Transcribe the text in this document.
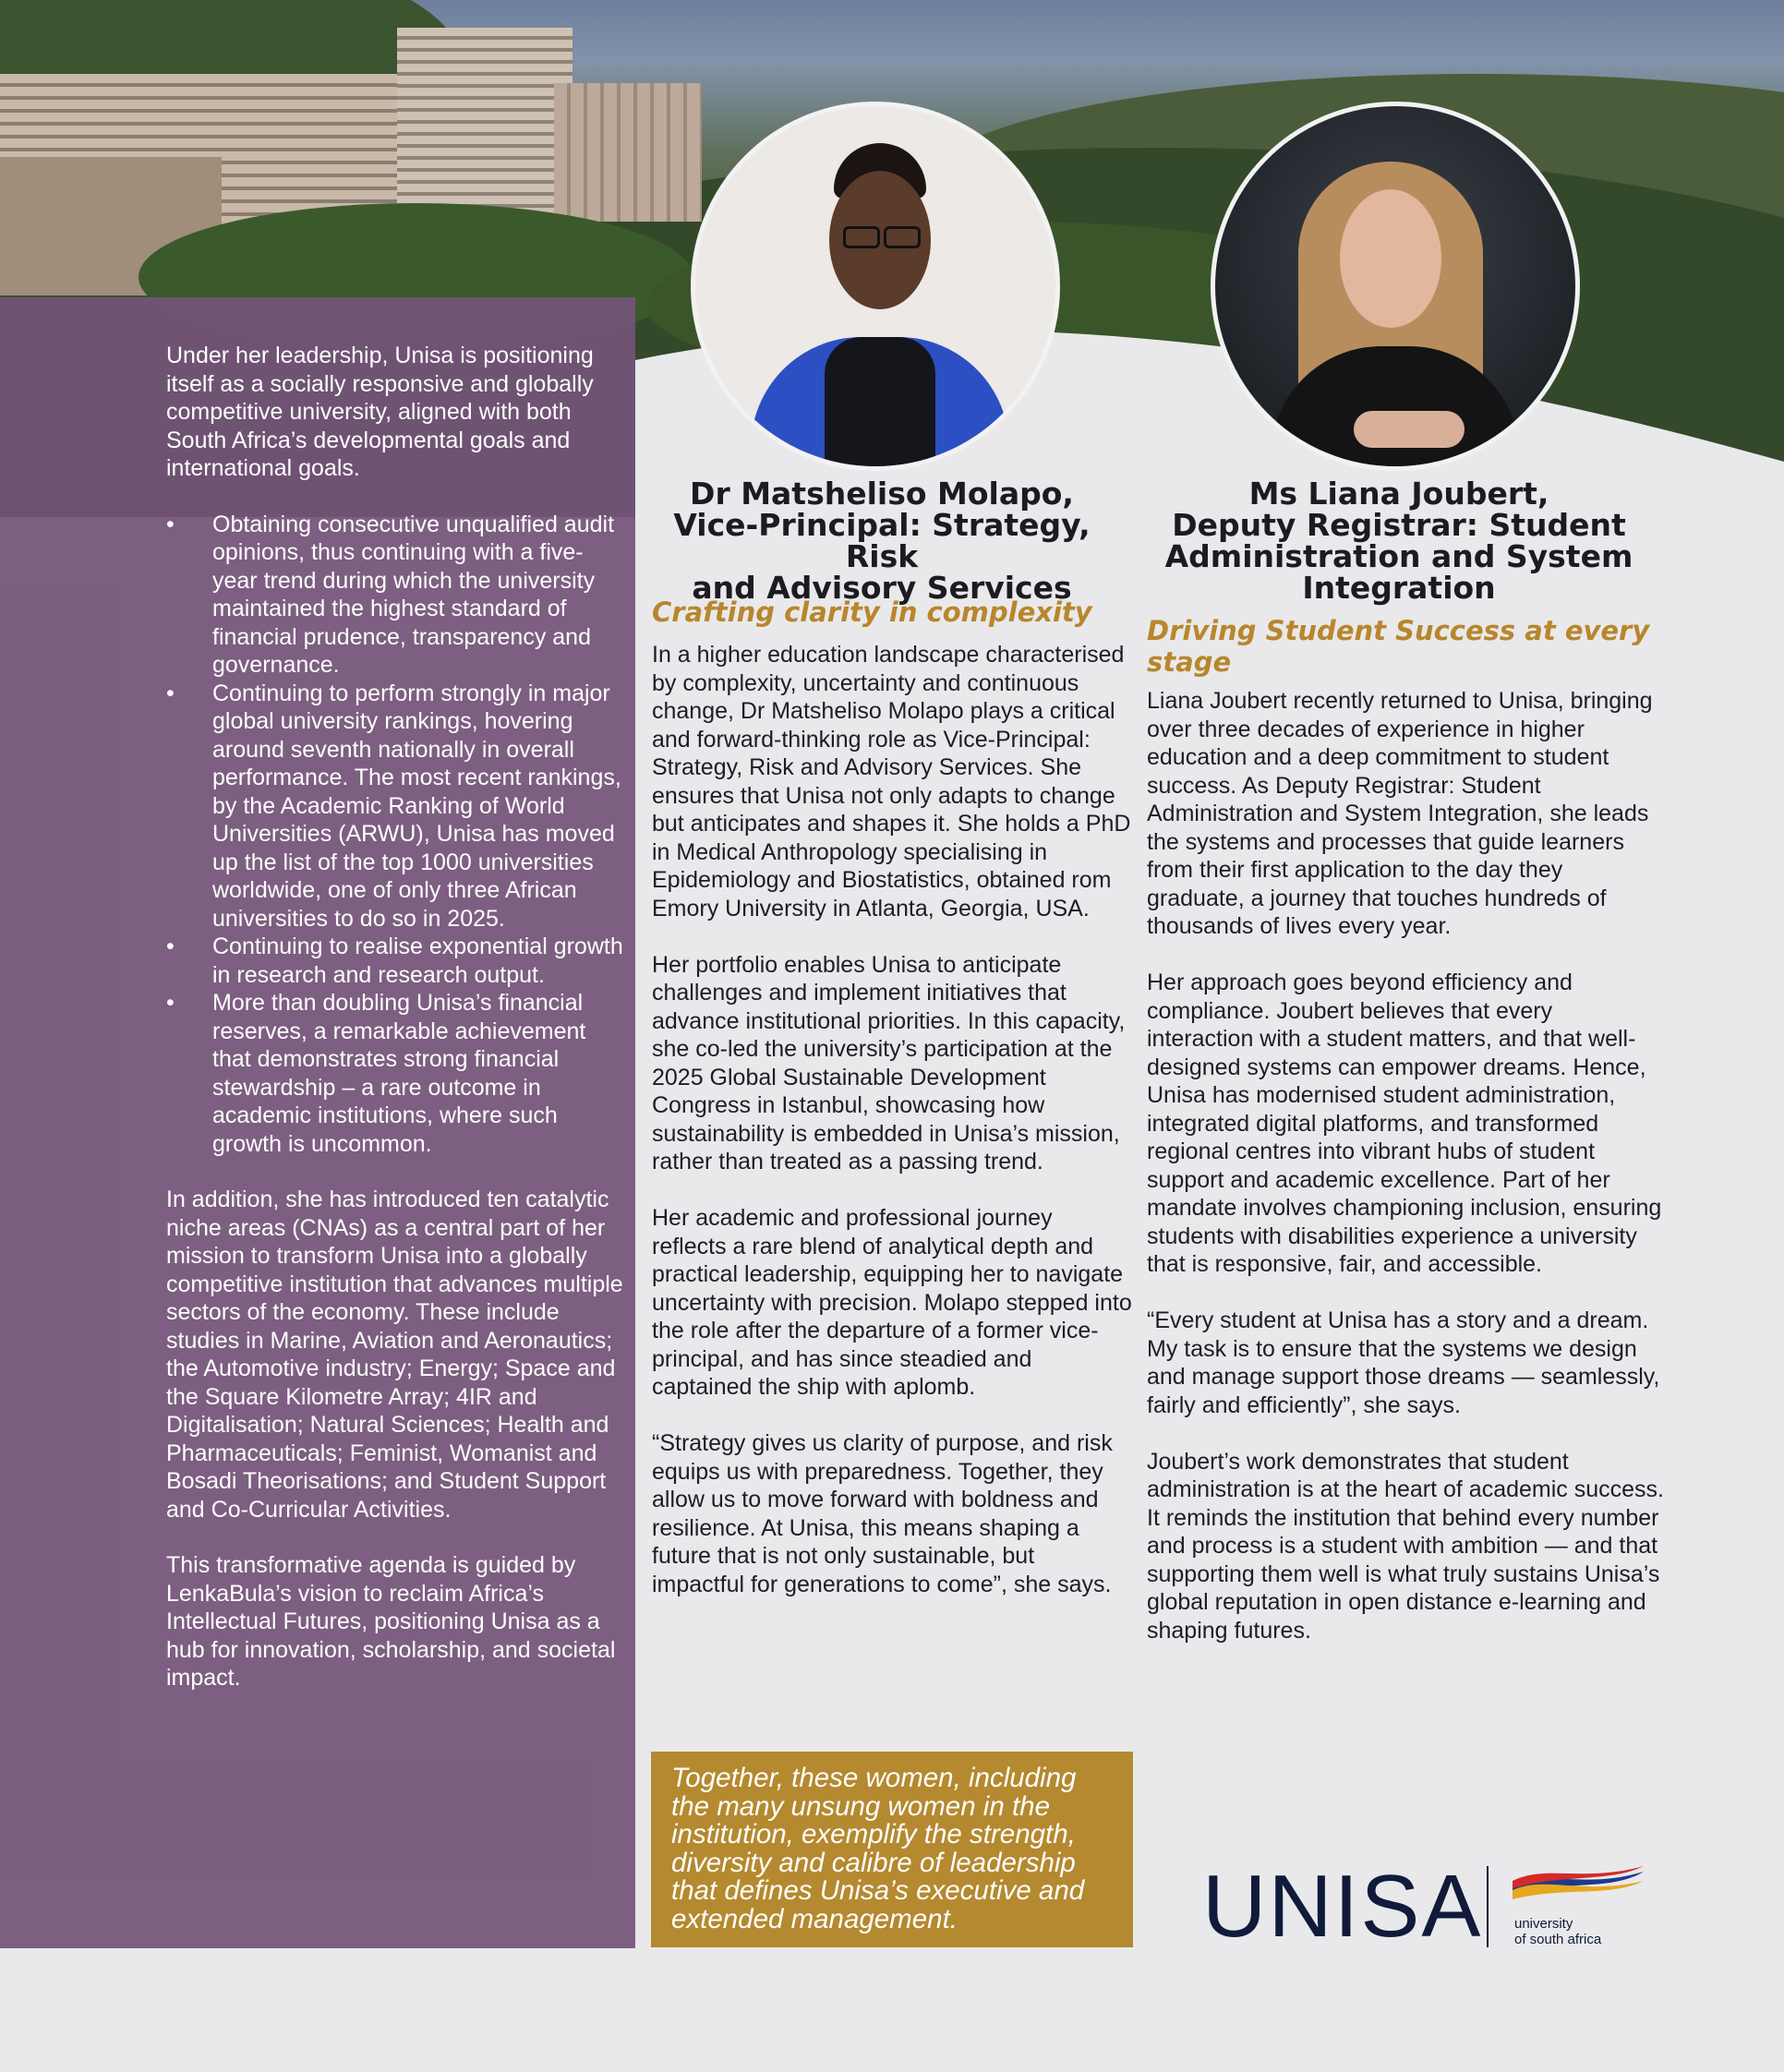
Under her leadership, Unisa is positioning itself as a socially responsive and globally competitive university, aligned with both South Africa’s developmental goals and international goals.

• Obtaining consecutive unqualified audit opinions, thus continuing with a five-year trend during which the university maintained the highest standard of financial prudence, transparency and governance.
• Continuing to perform strongly in major global university rankings, hovering around seventh nationally in overall performance. The most recent rankings, by the Academic Ranking of World Universities (ARWU), Unisa has moved up the list of the top 1000 universities worldwide, one of only three African universities to do so in 2025.
• Continuing to realise exponential growth in research and research output.
• More than doubling Unisa’s financial reserves, a remarkable achievement that demonstrates strong financial stewardship – a rare outcome in academic institutions, where such growth is uncommon.

In addition, she has introduced ten catalytic niche areas (CNAs) as a central part of her mission to transform Unisa into a globally competitive institution that advances multiple sectors of the economy. These include studies in Marine, Aviation and Aeronautics; the Automotive industry; Energy; Space and the Square Kilometre Array; 4IR and Digitalisation; Natural Sciences; Health and Pharmaceuticals; Feminist, Womanist and Bosadi Theorisations; and Student Support and Co-Curricular Activities.

This transformative agenda is guided by LenkaBula’s vision to reclaim Africa’s Intellectual Futures, positioning Unisa as a hub for innovation, scholarship, and societal impact.

Dr Matsheliso Molapo,
Vice-Principal: Strategy, Risk
and Advisory Services
Crafting clarity in complexity

In a higher education landscape characterised by complexity, uncertainty and continuous change, Dr Matsheliso Molapo plays a critical and forward-thinking role as Vice-Principal: Strategy, Risk and Advisory Services. She ensures that Unisa not only adapts to change but anticipates and shapes it. She holds a PhD in Medical Anthropology specialising in Epidemiology and Biostatistics, obtained rom Emory University in Atlanta, Georgia, USA.

Her portfolio enables Unisa to anticipate challenges and implement initiatives that advance institutional priorities. In this capacity, she co-led the university’s participation at the 2025 Global Sustainable Development Congress in Istanbul, showcasing how sustainability is embedded in Unisa’s mission, rather than treated as a passing trend.

Her academic and professional journey reflects a rare blend of analytical depth and practical leadership, equipping her to navigate uncertainty with precision. Molapo stepped into the role after the departure of a former vice-principal, and has since steadied and captained the ship with aplomb.

“Strategy gives us clarity of purpose, and risk equips us with preparedness. Together, they allow us to move forward with boldness and resilience. At Unisa, this means shaping a future that is not only sustainable, but impactful for generations to come”, she says.

Ms Liana Joubert,
Deputy Registrar: Student
Administration and System
Integration
Driving Student Success at every stage

Liana Joubert recently returned to Unisa, bringing over three decades of experience in higher education and a deep commitment to student success. As Deputy Registrar: Student Administration and System Integration, she leads the systems and processes that guide learners from their first application to the day they graduate, a journey that touches hundreds of thousands of lives every year.

Her approach goes beyond efficiency and compliance. Joubert believes that every interaction with a student matters, and that well-designed systems can empower dreams. Hence, Unisa has modernised student administration, integrated digital platforms, and transformed regional centres into vibrant hubs of student support and academic excellence. Part of her mandate involves championing inclusion, ensuring students with disabilities experience a university that is responsive, fair, and accessible.

“Every student at Unisa has a story and a dream. My task is to ensure that the systems we design and manage support those dreams — seamlessly, fairly and efficiently”, she says.

Joubert’s work demonstrates that student administration is at the heart of academic success. It reminds the institution that behind every number and process is a student with ambition — and that supporting them well is what truly sustains Unisa’s global reputation in open distance e-learning and shaping futures.

Together, these women, including the many unsung women in the institution, exemplify the strength, diversity and calibre of leadership that defines Unisa’s executive and extended management.	UNISA university
of south africa
